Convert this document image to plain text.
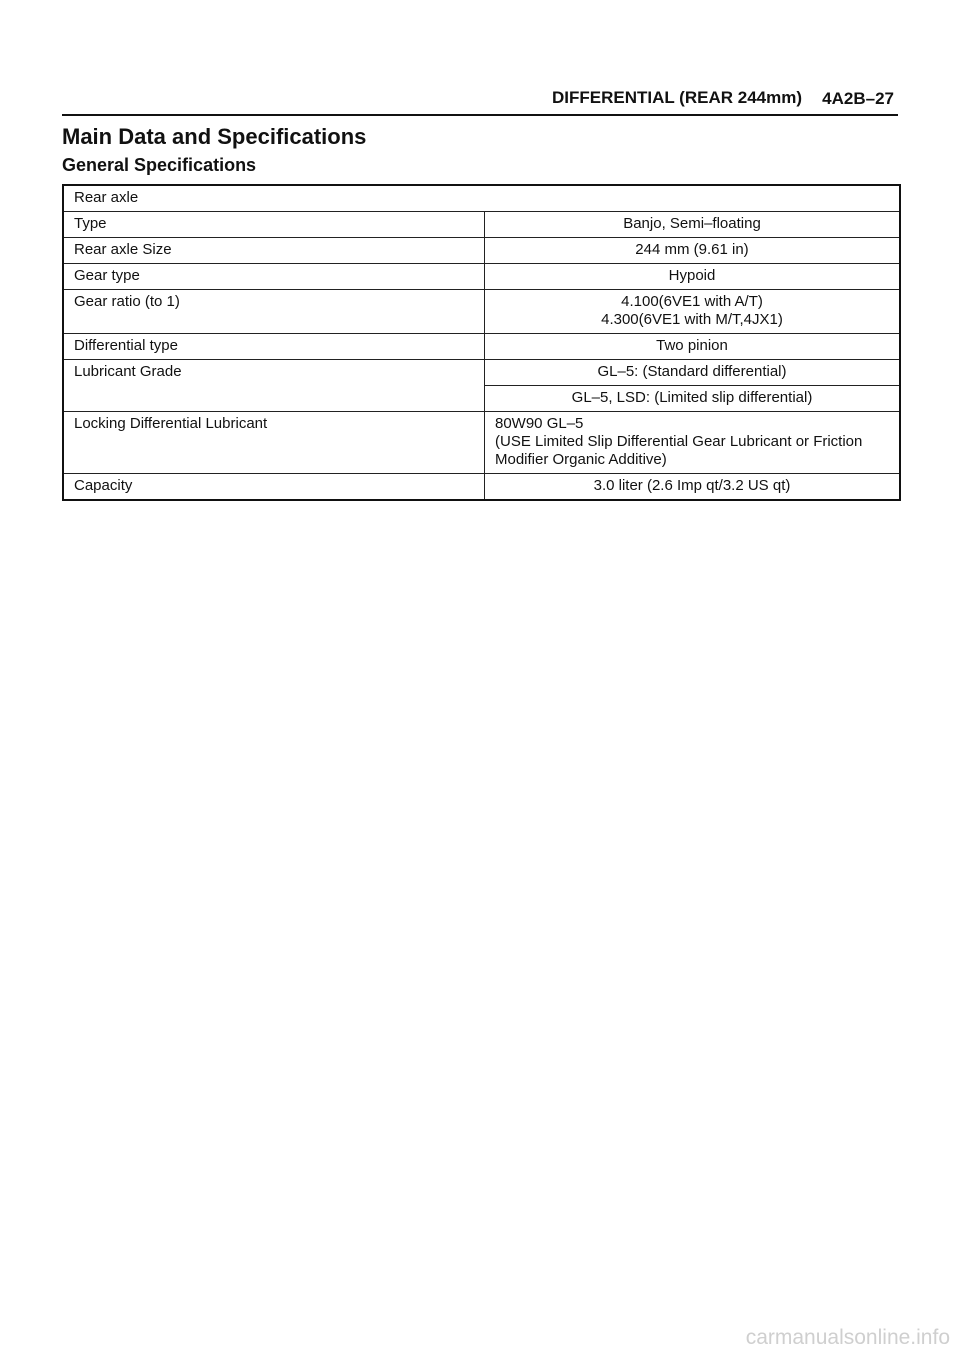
DIFFERENTIAL (REAR 244mm) 4A2B–27
Main Data and Specifications
General Specifications
Rear axle	
Type	Banjo, Semi–floating
Rear axle Size	244 mm (9.61 in)
Gear type	Hypoid
Gear ratio (to 1)	4.100(6VE1 with A/T)
4.300(6VE1 with M/T,4JX1)

Differential type	Two pinion
Lubricant Grade	GL–5: (Standard differential)
	GL–5, LSD: (Limited slip differential)
Locking Differential Lubricant	80W90 GL–5
(USE Limited Slip Differential Gear Lubricant or Friction
Modifier Organic Additive)

Capacity	3.0 liter (2.6 Imp qt/3.2 US qt)
carmanualsonline.info
